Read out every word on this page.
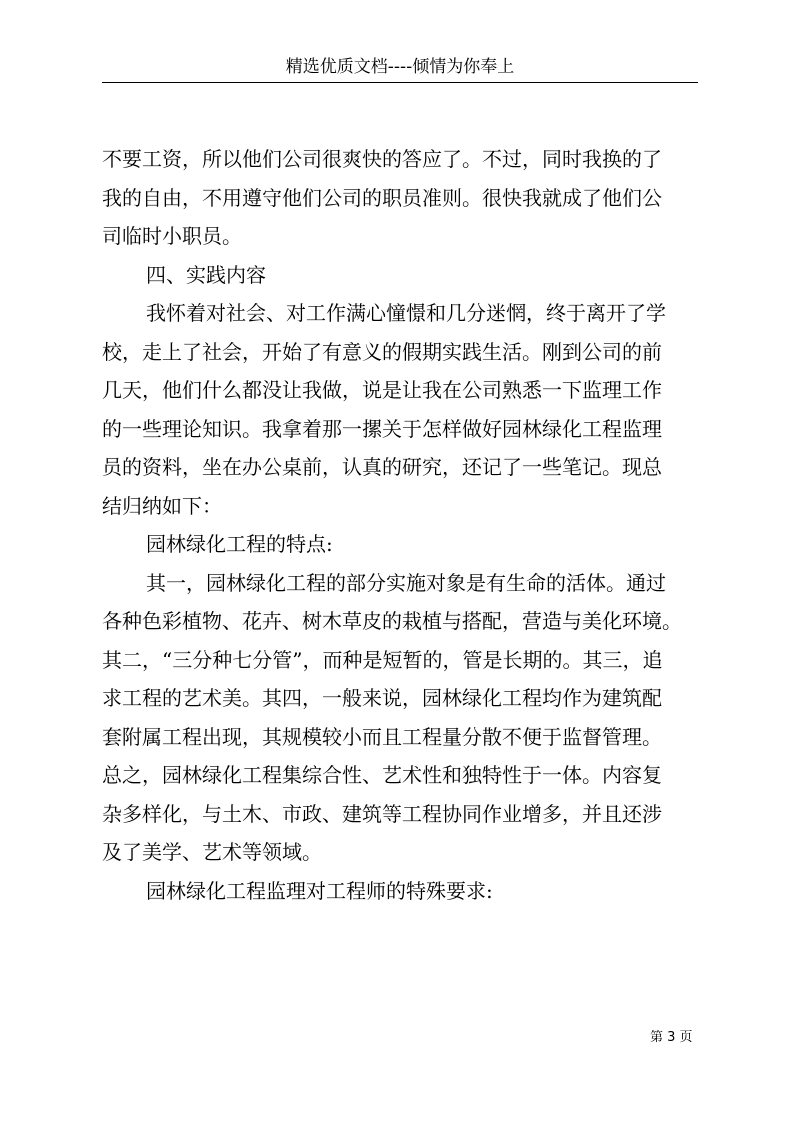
精选优质文档----倾情为你奉上
不要工资，所以他们公司很爽快的答应了。不过，同时我换的了
我的自由，不用遵守他们公司的职员准则。很快我就成了他们公
司临时小职员。
四、实践内容
我怀着对社会、对工作满心憧憬和几分迷惘，终于离开了学
校，走上了社会，开始了有意义的假期实践生活。刚到公司的前
几天，他们什么都没让我做，说是让我在公司熟悉一下监理工作
的一些理论知识。我拿着那一摞关于怎样做好园林绿化工程监理
员的资料，坐在办公桌前，认真的研究，还记了一些笔记。现总
结归纳如下：
园林绿化工程的特点:
其一，园林绿化工程的部分实施对象是有生命的活体。通过
各种色彩植物、花卉、树木草皮的栽植与搭配，营造与美化环境。
其二，“三分种七分管”，而种是短暂的，管是长期的。其三，追
求工程的艺术美。其四，一般来说，园林绿化工程均作为建筑配
套附属工程出现，其规模较小而且工程量分散不便于监督管理。
总之，园林绿化工程集综合性、艺术性和独特性于一体。内容复
杂多样化，与土木、市政、建筑等工程协同作业增多，并且还涉
及了美学、艺术等领域。
园林绿化工程监理对工程师的特殊要求:
第 3 页
